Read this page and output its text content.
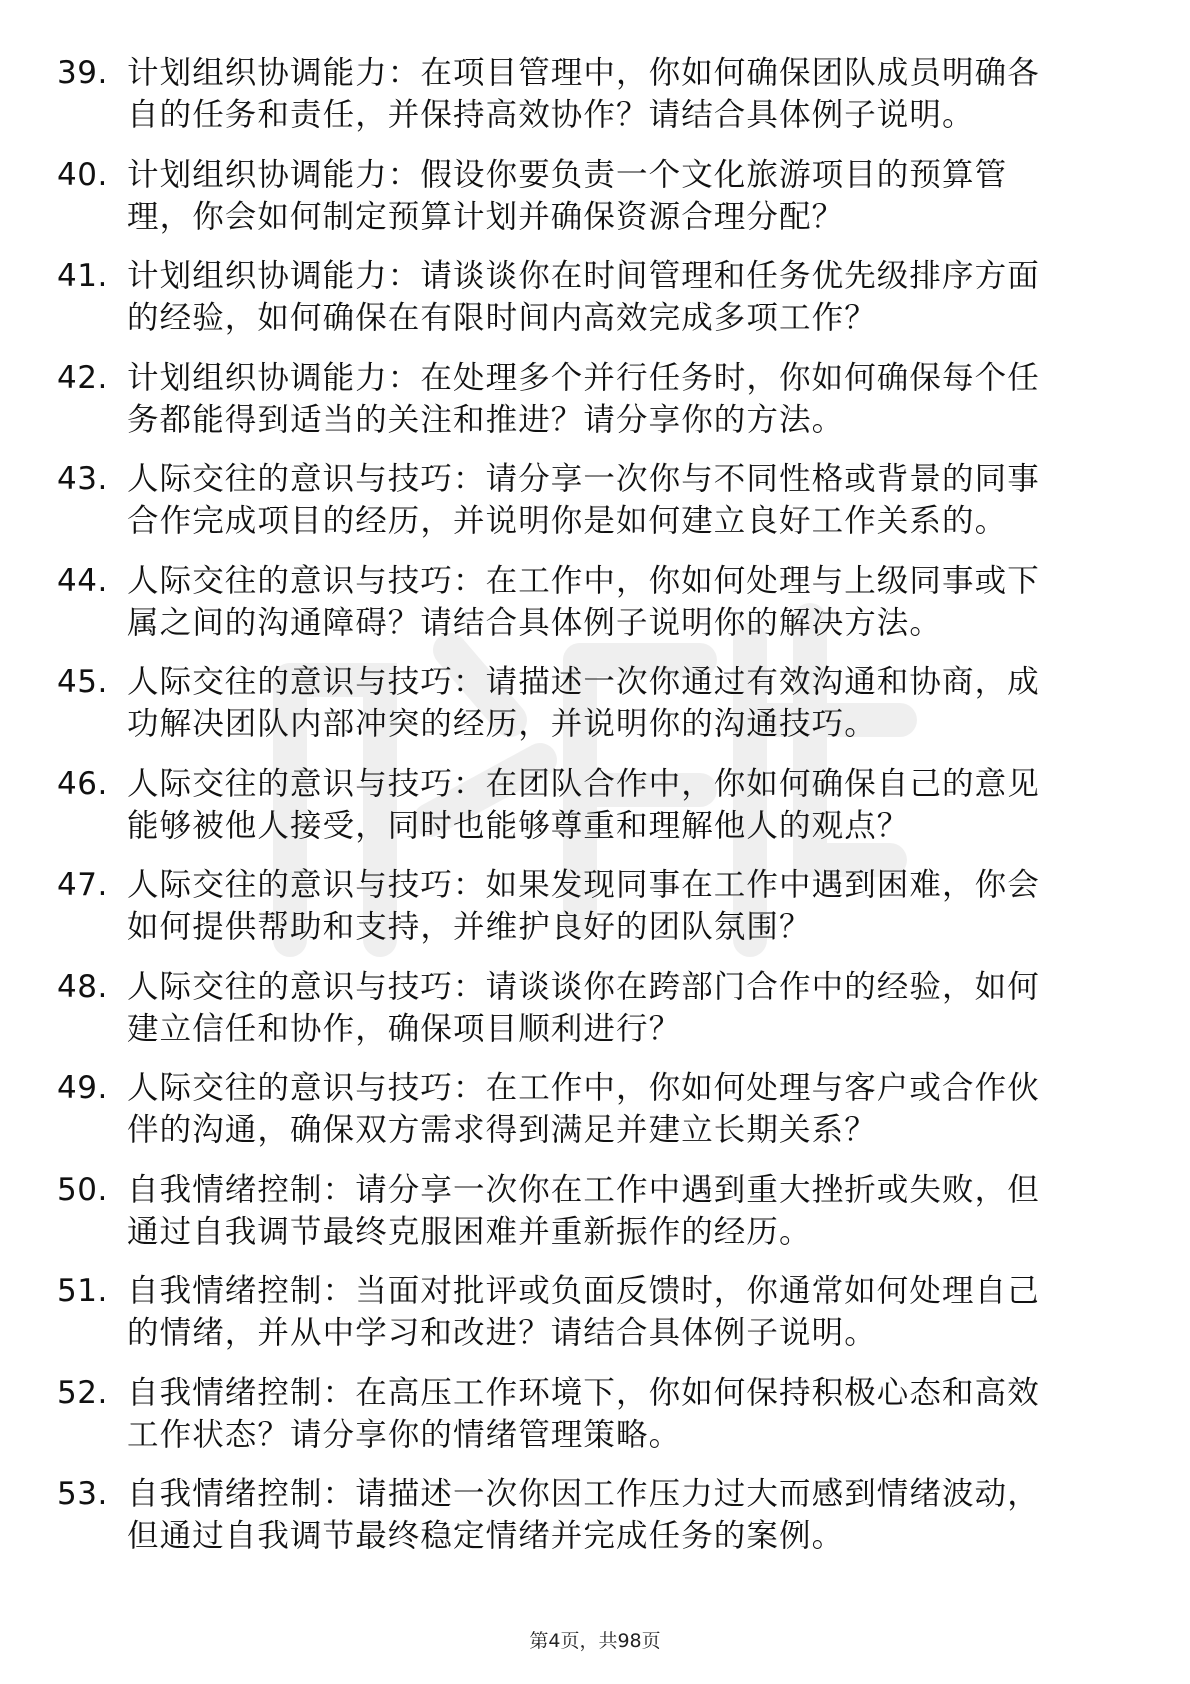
39. 计划组织协调能力：在项目管理中，你如何确保团队成员明确各
自的任务和责任，并保持高效协作？请结合具体例子说明。
40. 计划组织协调能力：假设你要负责一个文化旅游项目的预算管
理，你会如何制定预算计划并确保资源合理分配？
41. 计划组织协调能力：请谈谈你在时间管理和任务优先级排序方面
的经验，如何确保在有限时间内高效完成多项工作？
42. 计划组织协调能力：在处理多个并行任务时，你如何确保每个任
务都能得到适当的关注和推进？请分享你的方法。
43. 人际交往的意识与技巧：请分享一次你与不同性格或背景的同事
合作完成项目的经历，并说明你是如何建立良好工作关系的。
44. 人际交往的意识与技巧：在工作中，你如何处理与上级同事或下
属之间的沟通障碍？请结合具体例子说明你的解决方法。
45. 人际交往的意识与技巧：请描述一次你通过有效沟通和协商，成
功解决团队内部冲突的经历，并说明你的沟通技巧。
46. 人际交往的意识与技巧：在团队合作中，你如何确保自己的意见
能够被他人接受，同时也能够尊重和理解他人的观点？
47. 人际交往的意识与技巧：如果发现同事在工作中遇到困难，你会
如何提供帮助和支持，并维护良好的团队氛围？
48. 人际交往的意识与技巧：请谈谈你在跨部门合作中的经验，如何
建立信任和协作，确保项目顺利进行？
49. 人际交往的意识与技巧：在工作中，你如何处理与客户或合作伙
伴的沟通，确保双方需求得到满足并建立长期关系？
50. 自我情绪控制：请分享一次你在工作中遇到重大挫折或失败，但
通过自我调节最终克服困难并重新振作的经历。
51. 自我情绪控制：当面对批评或负面反馈时，你通常如何处理自己
的情绪，并从中学习和改进？请结合具体例子说明。
52. 自我情绪控制：在高压工作环境下，你如何保持积极心态和高效
工作状态？请分享你的情绪管理策略。
53. 自我情绪控制：请描述一次你因工作压力过大而感到情绪波动，
但通过自我调节最终稳定情绪并完成任务的案例。
第4页，共98页
